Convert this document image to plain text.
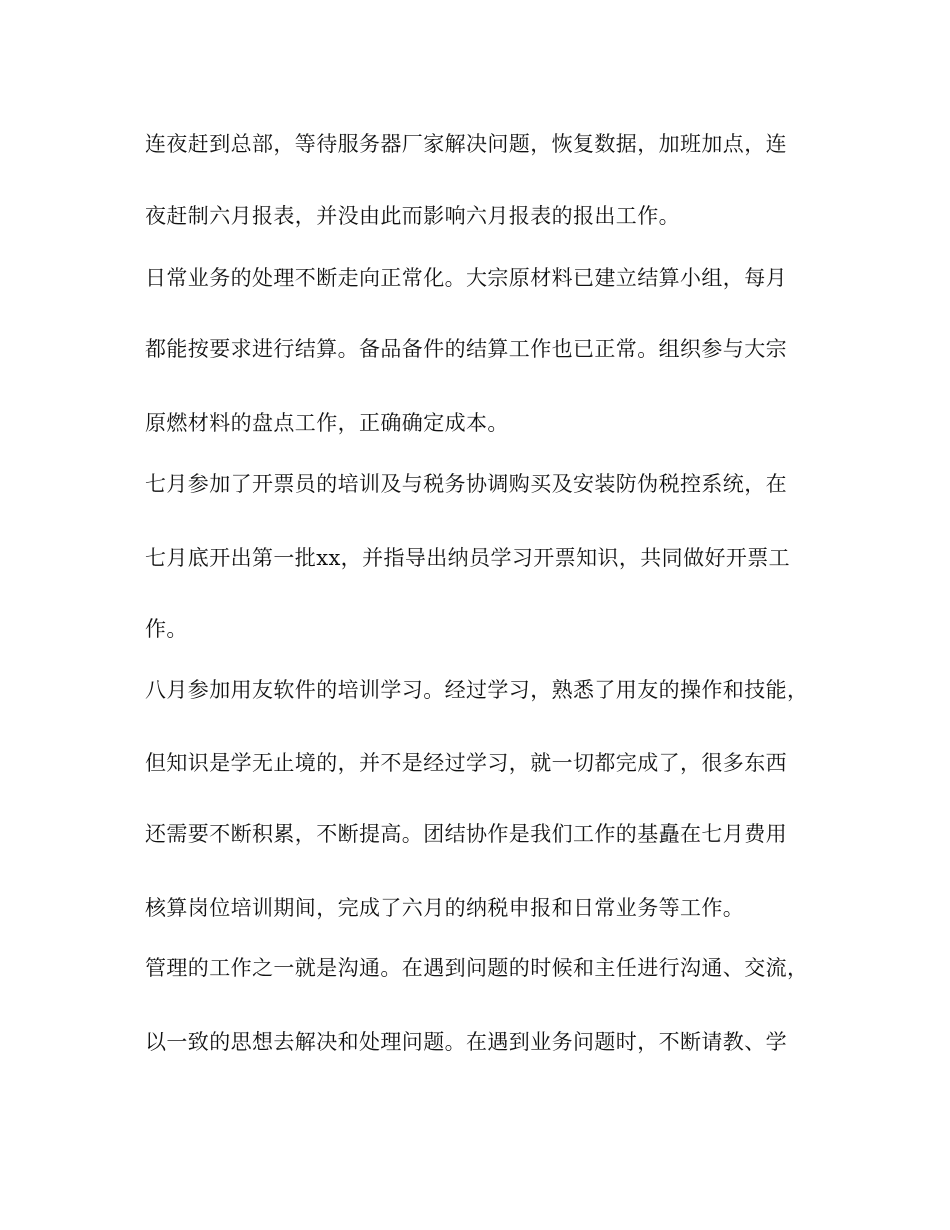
连夜赶到总部，等待服务器厂家解决问题，恢复数据，加班加点，连
夜赶制六月报表，并没由此而影响六月报表的报出工作。
日常业务的处理不断走向正常化。大宗原材料已建立结算小组，每月
都能按要求进行结算。备品备件的结算工作也已正常。组织参与大宗
原燃材料的盘点工作，正确确定成本。
七月参加了开票员的培训及与税务协调购买及安装防伪税控系统，在
七月底开出第一批xx，并指导出纳员学习开票知识，共同做好开票工
作。
八月参加用友软件的培训学习。经过学习，熟悉了用友的操作和技能，
但知识是学无止境的，并不是经过学习，就一切都完成了，很多东西
还需要不断积累，不断提高。团结协作是我们工作的基矗在七月费用
核算岗位培训期间，完成了六月的纳税申报和日常业务等工作。
管理的工作之一就是沟通。在遇到问题的时候和主任进行沟通、交流，
以一致的思想去解决和处理问题。在遇到业务问题时，不断请教、学
